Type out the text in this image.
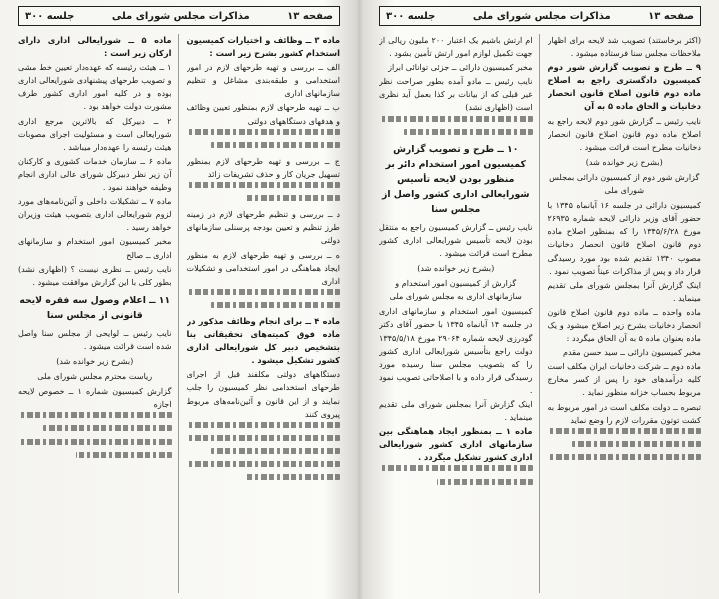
صفحه ۱۳
مذاکرات مجلس شورای ملی
جلسه ۳۰۰

ماده ۳ ــ وظائف و اختیارات کمیسیون استخدام کشور بشرح زیر است :

الف ــ بررسی و تهیه طرحهای لازم در امور استخدامی و طبقه‌بندی مشاغل و تنظیم سازمانهای اداری

ب ــ تهیه طرحهای لازم بمنظور تعیین وظائف و هدفهای دستگاههای دولتی

ج ــ بررسی و تهیه طرحهای لازم بمنظور تسهیل جریان کار و حذف تشریفات زائد

د ــ بررسی و تنظیم طرحهای لازم در زمینه طرز تنظیم و تعیین بودجه پرسنلی سازمانهای دولتی

ه ــ بررسی و تهیه طرحهای لازم به منظور ایجاد هماهنگی در امور استخدامی و تشکیلات اداری

ماده ۴ ــ برای انجام وظائف مذکور در ماده فوق کمیته‌های تحقیقاتی بنا بتشخیص دبیر کل شورایعالی اداری کشور تشکیل میشود .

دستگاههای دولتی مکلفند قبل از اجرای طرحهای استخدامی نظر کمیسیون را جلب نمایند و از این قانون و آئین‌نامه‌های مربوط پیروی کنند

ماده ۵ ــ شورایعالی اداری دارای ارکان زیر است :

۱ ــ هیئت رئیسه که عهده‌دار تعیین خط مشی و تصویب طرحهای پیشنهادی شورایعالی اداری بوده و در کلیه امور اداری کشور طرف مشورت دولت خواهد بود .

۲ ــ دبیرکل که بالاترین مرجع اداری شورایعالی است و مسئولیت اجرای مصوبات هیئت رئیسه را عهده‌دار میباشد .

ماده ۶ ــ سازمان خدمات کشوری و کارکنان آن زیر نظر دبیرکل شورای عالی اداری انجام وظیفه خواهند نمود .

ماده ۷ ــ تشکیلات داخلی و آئین‌نامه‌های مورد لزوم شورایعالی اداری بتصویب هیئت وزیران خواهد رسید .

مخبر کمیسیون امور استخدام و سازمانهای اداری ــ صالح

نایب رئیس ــ نظری نیست ؟ (اظهاری نشد) بطور کلی با این گزارش موافقت میشود .

۱۱ ــ اعلام وصول سه فقره لایحه قانونی از مجلس سنا

نایب رئیس ــ لوایحی از مجلس سنا واصل شده است قرائت میشود .

(بشرح زیر خوانده شد)

ریاست محترم مجلس شورای ملی

گزارش کمیسیون شماره ۱ ــ خصوص لایحه اجازه

صفحه ۱۳
مذاکرات مجلس شورای ملی
جلسه ۳۰۰

(اکثر برخاستند) تصویب شد لایحه برای اظهار ملاحظات مجلس سنا فرستاده میشود .

۹ ــ طرح و تصویب گزارش شور دوم کمیسیون دادگستری راجع به اصلاح ماده دوم قانون اصلاح قانون انحصار دخانیات و الحاق ماده ۵ به آن

نایب رئیس ــ گزارش شور دوم لایحه راجع به اصلاح ماده دوم قانون اصلاح قانون انحصار دخانیات مطرح است قرائت میشود .

(بشرح زیر خوانده شد)

گزارش شور دوم از کمیسیون دارائی بمجلس شورای ملی

کمیسیون دارائی در جلسه ۱۶ آبانماه ۱۳۴۵ با حضور آقای وزیر دارائی لایحه شماره ۲۶۹۳۵ مورخ ۱۳۴۵/۶/۲۸ را که بمنظور اصلاح ماده دوم قانون اصلاح قانون انحصار دخانیات مصوب ۱۳۴۰ تقدیم شده بود مورد رسیدگی قرار داد و پس از مذاکرات عیناً تصویب نمود .

اینک گزارش آنرا بمجلس شورای ملی تقدیم مینماید .

ماده واحده ــ ماده دوم قانون اصلاح قانون انحصار دخانیات بشرح زیر اصلاح میشود و یک ماده بعنوان ماده ۵ به آن الحاق میگردد :

مخبر کمیسیون دارائی ــ سید حسن مقدم

ماده دوم ــ شرکت دخانیات ایران مکلف است کلیه درآمدهای خود را پس از کسر مخارج مربوط بحساب خزانه منظور نماید .

تبصره ــ دولت مکلف است در امور مربوط به کشت توتون مقررات لازم را وضع نماید

ام ارتش باشیم یک اعتبار ۲۰۰ ملیون ریالی از جهت تکمیل لوازم امور ارتش تأمین بشود .

مخبر کمیسیون دارائی ــ جزئی توانائی ابراز

نایب رئیس ــ مادو آمده بطور صراحت نظر غیر قبلی که از بیانات بر کذا بعمل آید نظری است (اظهاری نشد)

۱۰ ــ طرح و تصویب گزارش کمیسیون امور استخدام دائر بر منظور بودن لایحه تأسیس شورایعالی اداری کشور واصل از مجلس سنا

نایب رئیس ــ گزارش کمیسیون راجع به منتقل بودن لایحه تأسیس شورایعالی اداری کشور مطرح است قرائت میشود .

(بشرح زیر خوانده شد)

گزارش از کمیسیون امور استخدام و سازمانهای اداری به مجلس شورای ملی

کمیسیون امور استخدام و سازمانهای اداری در جلسه ۱۴ آبانماه ۱۳۴۵ با حضور آقای دکتر گودرزی لایحه شماره ۲۹۰۶۴ مورخ ۱۳۴۵/۵/۱۸ دولت راجع بتأسیس شورایعالی اداری کشور را که بتصویب مجلس سنا رسیده مورد رسیدگی قرار داده و با اصلاحاتی تصویب نمود .

اینک گزارش آنرا بمجلس شورای ملی تقدیم مینماید .

ماده ۱ ــ بمنظور ایجاد هماهنگی بین سازمانهای اداری کشور شورایعالی اداری کشور تشکیل میگردد .
